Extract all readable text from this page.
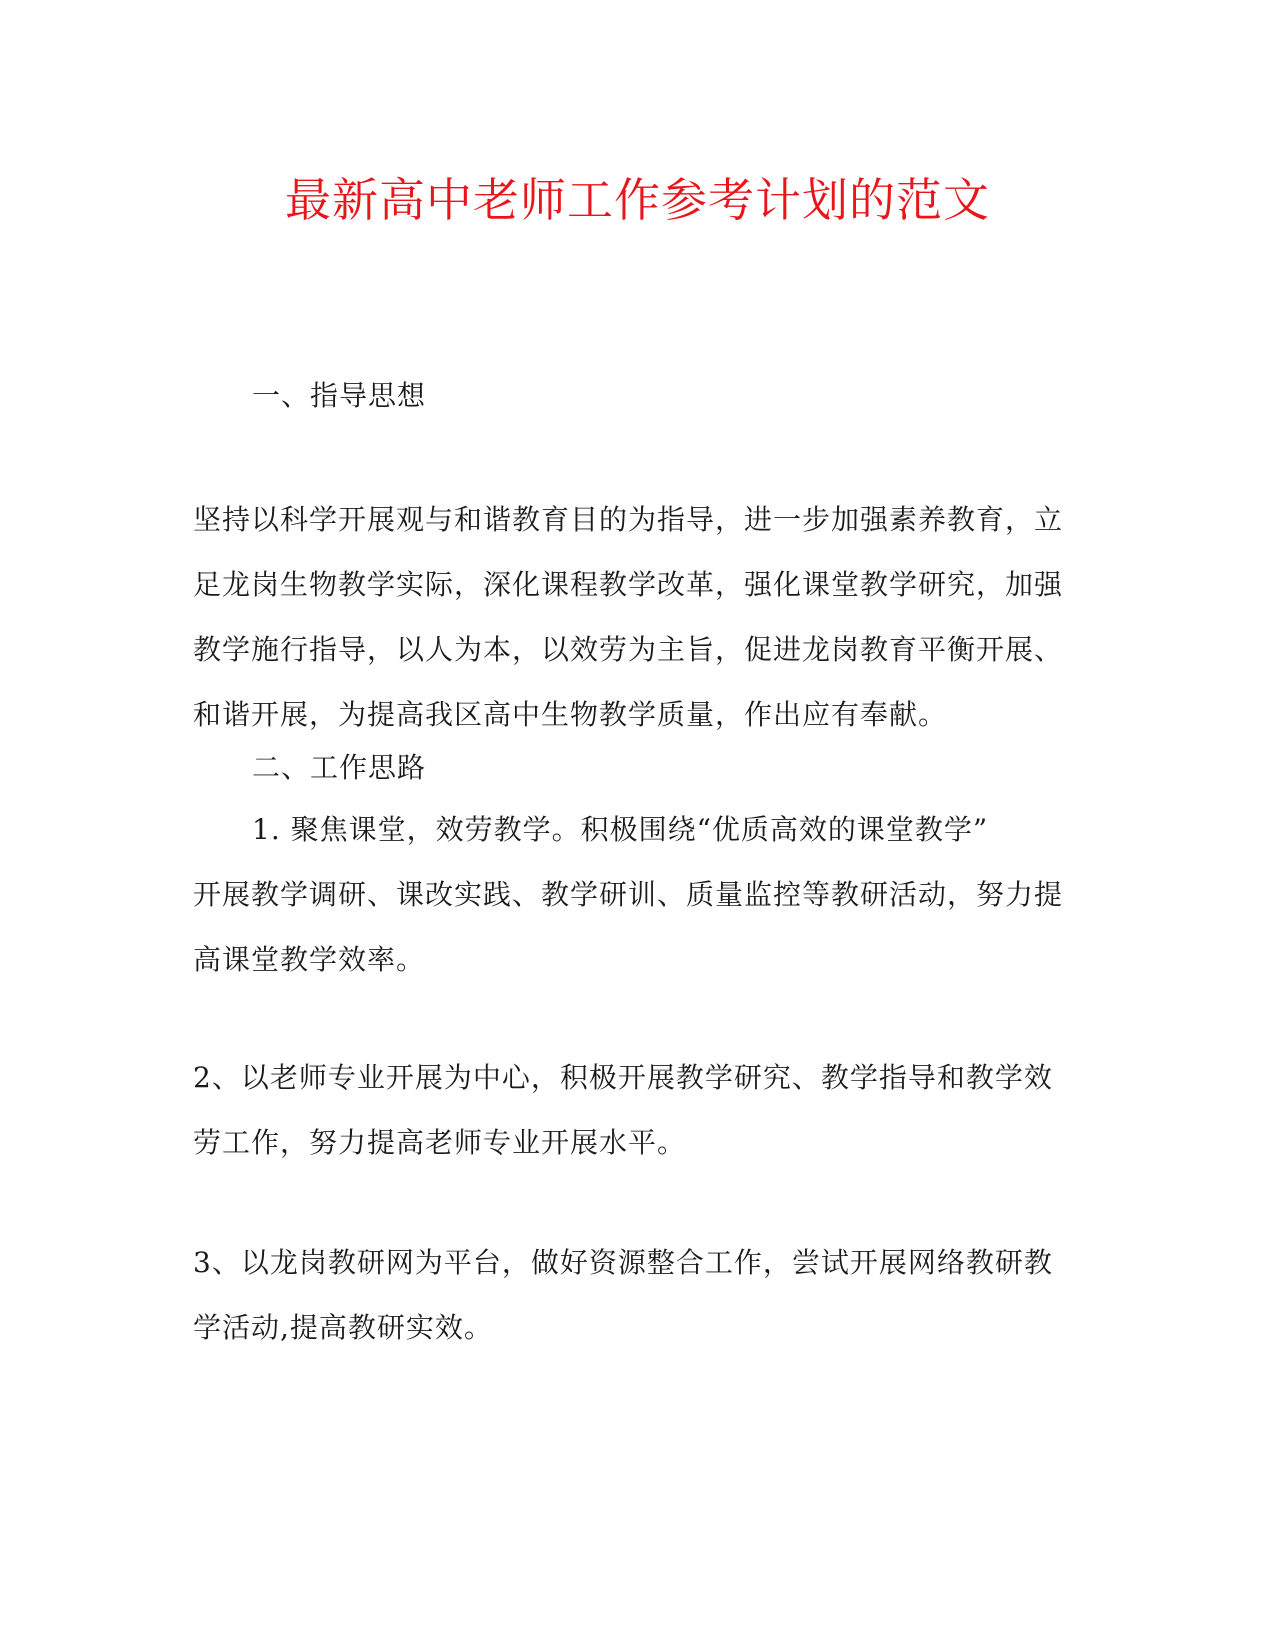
最新高中老师工作参考计划的范文
一、指导思想
坚持以科学开展观与和谐教育目的为指导，进一步加强素养教育，立
足龙岗生物教学实际，深化课程教学改革，强化课堂教学研究，加强
教学施行指导，以人为本，以效劳为主旨，促进龙岗教育平衡开展、
和谐开展，为提高我区高中生物教学质量，作出应有奉献。
二、工作思路
1. 聚焦课堂，效劳教学。积极围绕“优质高效的课堂教学”
开展教学调研、课改实践、教学研训、质量监控等教研活动，努力提
高课堂教学效率。
2、以老师专业开展为中心，积极开展教学研究、教学指导和教学效
劳工作，努力提高老师专业开展水平。
3、以龙岗教研网为平台，做好资源整合工作，尝试开展网络教研教
学活动,提高教研实效。
